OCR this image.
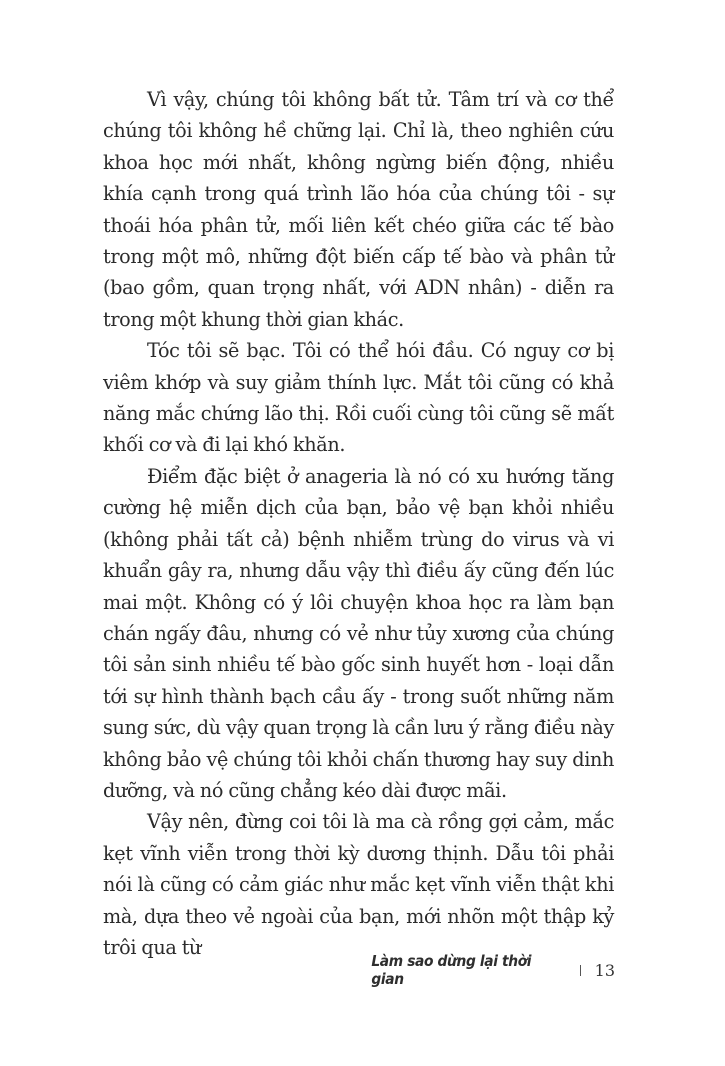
Vì vậy, chúng tôi không bất tử. Tâm trí và cơ thể chúng tôi không hề chững lại. Chỉ là, theo nghiên cứu khoa học mới nhất, không ngừng biến động, nhiều khía cạnh trong quá trình lão hóa của chúng tôi - sự thoái hóa phân tử, mối liên kết chéo giữa các tế bào trong một mô, những đột biến cấp tế bào và phân tử (bao gồm, quan trọng nhất, với ADN nhân) - diễn ra trong một khung thời gian khác.

Tóc tôi sẽ bạc. Tôi có thể hói đầu. Có nguy cơ bị viêm khớp và suy giảm thính lực. Mắt tôi cũng có khả năng mắc chứng lão thị. Rồi cuối cùng tôi cũng sẽ mất khối cơ và đi lại khó khăn.

Điểm đặc biệt ở anageria là nó có xu hướng tăng cường hệ miễn dịch của bạn, bảo vệ bạn khỏi nhiều (không phải tất cả) bệnh nhiễm trùng do virus và vi khuẩn gây ra, nhưng dẫu vậy thì điều ấy cũng đến lúc mai một. Không có ý lôi chuyện khoa học ra làm bạn chán ngấy đâu, nhưng có vẻ như tủy xương của chúng tôi sản sinh nhiều tế bào gốc sinh huyết hơn - loại dẫn tới sự hình thành bạch cầu ấy - trong suốt những năm sung sức, dù vậy quan trọng là cần lưu ý rằng điều này không bảo vệ chúng tôi khỏi chấn thương hay suy dinh dưỡng, và nó cũng chẳng kéo dài được mãi.

Vậy nên, đừng coi tôi là ma cà rồng gợi cảm, mắc kẹt vĩnh viễn trong thời kỳ dương thịnh. Dẫu tôi phải nói là cũng có cảm giác như mắc kẹt vĩnh viễn thật khi mà, dựa theo vẻ ngoài của bạn, mới nhõn một thập kỷ trôi qua từ

Làm sao dừng lại thời gian	13
